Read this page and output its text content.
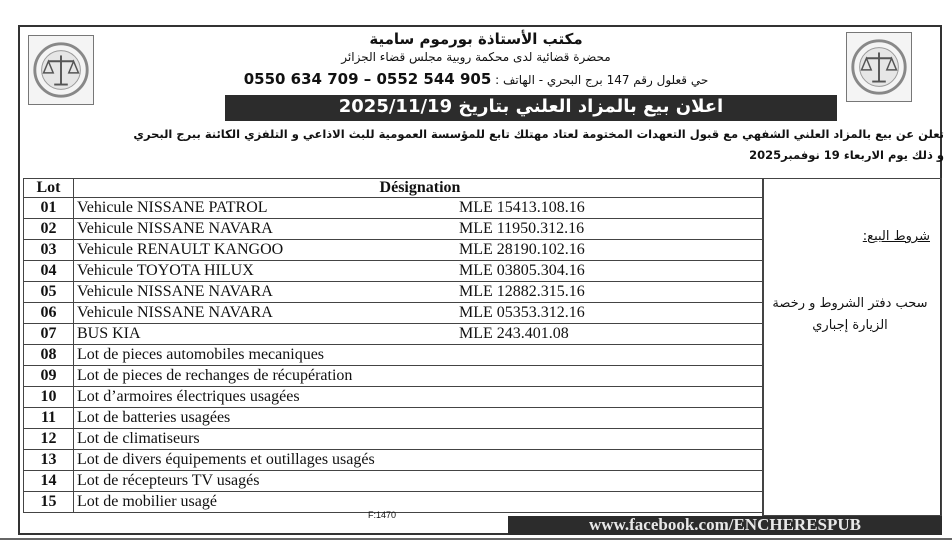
مكتب الأستاذة بورموم سامية
محضرة قضائية لدى محكمة روبية مجلس قضاء الجزائر
حي قعلول رقم 147 برج البحري - الهاتف : 0550 634 709 – 0552 544 905
اعلان بيع بالمزاد العلني بتاريخ 2025/11/19
تعلن عن بيع بالمزاد العلني الشفهي مع قبول التعهدات المختومة لعتاد مهتلك تابع للمؤسسة العمومية للبث الاذاعي و التلفزي الكائنة ببرج البحري
و ذلك يوم الاربعاء 19 نوفمبر2025
Lot	Désignation
01	Vehicule NISSANE PATROL MLE 15413.108.16

02	Vehicule NISSANE NAVARA MLE 11950.312.16

03	Vehicule RENAULT KANGOO MLE 28190.102.16

04	Vehicule TOYOTA HILUX MLE 03805.304.16

05	Vehicule NISSANE NAVARA MLE 12882.315.16

06	Vehicule NISSANE NAVARA MLE 05353.312.16

07	BUS KIA MLE 243.401.08

08	Lot de pieces automobiles mecaniques
09	Lot de pieces de rechanges de récupération
10	Lot d’armoires électriques usagées
11	Lot de batteries usagées
12	Lot de climatiseurs
13	Lot de divers équipements et outillages usagés
14	Lot de récepteurs TV usagés
15	Lot de mobilier usagé
شروط البيع:
سحب دفتر الشروط و رخصة الزيارة إجباري
F:1470	www.facebook.com/ENCHERESPUB
